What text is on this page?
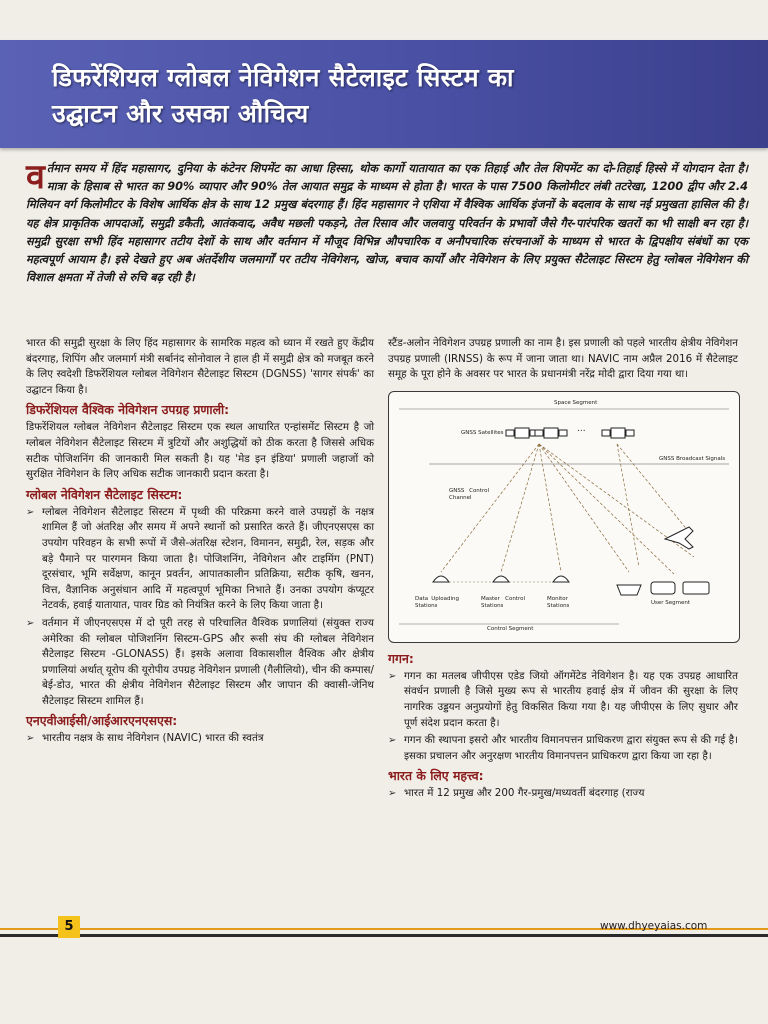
डिफरेंशियल ग्लोबल नेविगेशन सैटेलाइट सिस्टम का
उद्घाटन और उसका औचित्य
वर्तमान समय में हिंद महासागर, दुनिया के कंटेनर शिपमेंट का आधा हिस्सा, थोक कार्गो यातायात का एक तिहाई और तेल शिपमेंट का दो-तिहाई हिस्से में योगदान देता है। मात्रा के हिसाब से भारत का 90% व्यापार और 90% तेल आयात समुद्र के माध्यम से होता है। भारत के पास 7500 किलोमीटर लंबी तटरेखा, 1200 द्वीप और 2.4 मिलियन वर्ग किलोमीटर के विशेष आर्थिक क्षेत्र के साथ 12 प्रमुख बंदरगाह हैं। हिंद महासागर ने एशिया में वैश्विक आर्थिक इंजनों के बदलाव के साथ नई प्रमुखता हासिल की है। यह क्षेत्र प्राकृतिक आपदाओं, समुद्री डकैती, आतंकवाद, अवैध मछली पकड़ने, तेल रिसाव और जलवायु परिवर्तन के प्रभावों जैसे गैर-पारंपरिक खतरों का भी साक्षी बन रहा है। समुद्री सुरक्षा सभी हिंद महासागर तटीय देशों के साथ और वर्तमान में मौजूद विभिन्न औपचारिक व अनौपचारिक संरचनाओं के माध्यम से भारत के द्विपक्षीय संबंधों का एक महत्वपूर्ण आयाम है। इसे देखते हुए अब अंतर्देशीय जलमार्गों पर तटीय नेविगेशन, खोज, बचाव कार्यों और नेविगेशन के लिए प्रयुक्त सैटेलाइट सिस्टम हेतु ग्लोबल नेविगेशन की विशाल क्षमता में तेजी से रुचि बढ़ रही है।

भारत की समुद्री सुरक्षा के लिए हिंद महासागर के सामरिक महत्व को ध्यान में रखते हुए केंद्रीय बंदरगाह, शिपिंग और जलमार्ग मंत्री सर्बानंद सोनोवाल ने हाल ही में समुद्री क्षेत्र को मजबूत करने के लिए स्वदेशी डिफरेंशियल ग्लोबल नेविगेशन सैटेलाइट सिस्टम (DGNSS) 'सागर संपर्क' का उद्घाटन किया है।

डिफरेंशियल वैश्विक नेविगेशन उपग्रह प्रणाली:

डिफरेंशियल ग्लोबल नेविगेशन सैटेलाइट सिस्टम एक स्थल आधारित एन्हांसमेंट सिस्टम है जो ग्लोबल नेविगेशन सैटेलाइट सिस्टम में त्रुटियों और अशुद्धियों को ठीक करता है जिससे अधिक सटीक पोजिशनिंग की जानकारी मिल सकती है। यह 'मेड इन इंडिया' प्रणाली जहाजों को सुरक्षित नेविगेशन के लिए अधिक सटीक जानकारी प्रदान करता है।

ग्लोबल नेविगेशन सैटेलाइट सिस्टम:
➢ ग्लोबल नेविगेशन सैटेलाइट सिस्टम में पृथ्वी की परिक्रमा करने वाले उपग्रहों के नक्षत्र शामिल हैं जो अंतरिक्ष और समय में अपने स्थानों को प्रसारित करते हैं। जीएनएसएस का उपयोग परिवहन के सभी रूपों में जैसे-अंतरिक्ष स्टेशन, विमानन, समुद्री, रेल, सड़क और बड़े पैमाने पर पारगमन किया जाता है। पोजिशनिंग, नेविगेशन और टाइमिंग (PNT) दूरसंचार, भूमि सर्वेक्षण, कानून प्रवर्तन, आपातकालीन प्रतिक्रिया, सटीक कृषि, खनन, वित्त, वैज्ञानिक अनुसंधान आदि में महत्वपूर्ण भूमिका निभाते हैं। उनका उपयोग कंप्यूटर नेटवर्क, हवाई यातायात, पावर ग्रिड को नियंत्रित करने के लिए किया जाता है।
➢ वर्तमान में जीएनएसएस में दो पूरी तरह से परिचालित वैश्विक प्रणालियां (संयुक्त राज्य अमेरिका की ग्लोबल पोजिशनिंग सिस्टम-GPS और रूसी संघ की ग्लोबल नेविगेशन सैटेलाइट सिस्टम -GLONASS) हैं। इसके अलावा विकासशील वैश्विक और क्षेत्रीय प्रणालियां अर्थात् यूरोप की यूरोपीय उपग्रह नेविगेशन प्रणाली (गैलीलियो), चीन की कम्पास/बेई-डोउ, भारत की क्षेत्रीय नेविगेशन सैटेलाइट सिस्टम और जापान की क्वासी-जेनिथ सैटेलाइट सिस्टम शामिल हैं।
एनएवीआईसी/आईआरएनएसएस:
➢ भारतीय नक्षत्र के साथ नेविगेशन (NAVIC) भारत की स्वतंत्र

स्टैंड-अलोन नेविगेशन उपग्रह प्रणाली का नाम है। इस प्रणाली को पहले भारतीय क्षेत्रीय नेविगेशन उपग्रह प्रणाली (IRNSS) के रूप में जाना जाता था। NAVIC नाम अप्रैल 2016 में सैटेलाइट समूह के पूरा होने के अवसर पर भारत के प्रधानमंत्री नरेंद्र मोदी द्वारा दिया गया था।

Space Segment
GNSS Satellites	...
GNSS Broadcast Signals
GNSS Control Channel
Data Uploading Stations
Master Control Stations
Monitor Stations	User Segment
Control Segment
गगन:
➢ गगन का मतलब जीपीएस एडेड जियो ऑगमेंटेड नेविगेशन है। यह एक उपग्रह आधारित संवर्धन प्रणाली है जिसे मुख्य रूप से भारतीय हवाई क्षेत्र में जीवन की सुरक्षा के लिए नागरिक उड्डयन अनुप्रयोगों हेतु विकसित किया गया है। यह जीपीएस के लिए सुधार और पूर्ण संदेश प्रदान करता है।
➢ गगन की स्थापना इसरो और भारतीय विमानपत्तन प्राधिकरण द्वारा संयुक्त रूप से की गई है। इसका प्रचालन और अनुरक्षण भारतीय विमानपत्तन प्राधिकरण द्वारा किया जा रहा है।
भारत के लिए महत्त्व:
➢ भारत में 12 प्रमुख और 200 गैर-प्रमुख/मध्यवर्ती बंदरगाह (राज्य
5	www.dhyeyaias.com
